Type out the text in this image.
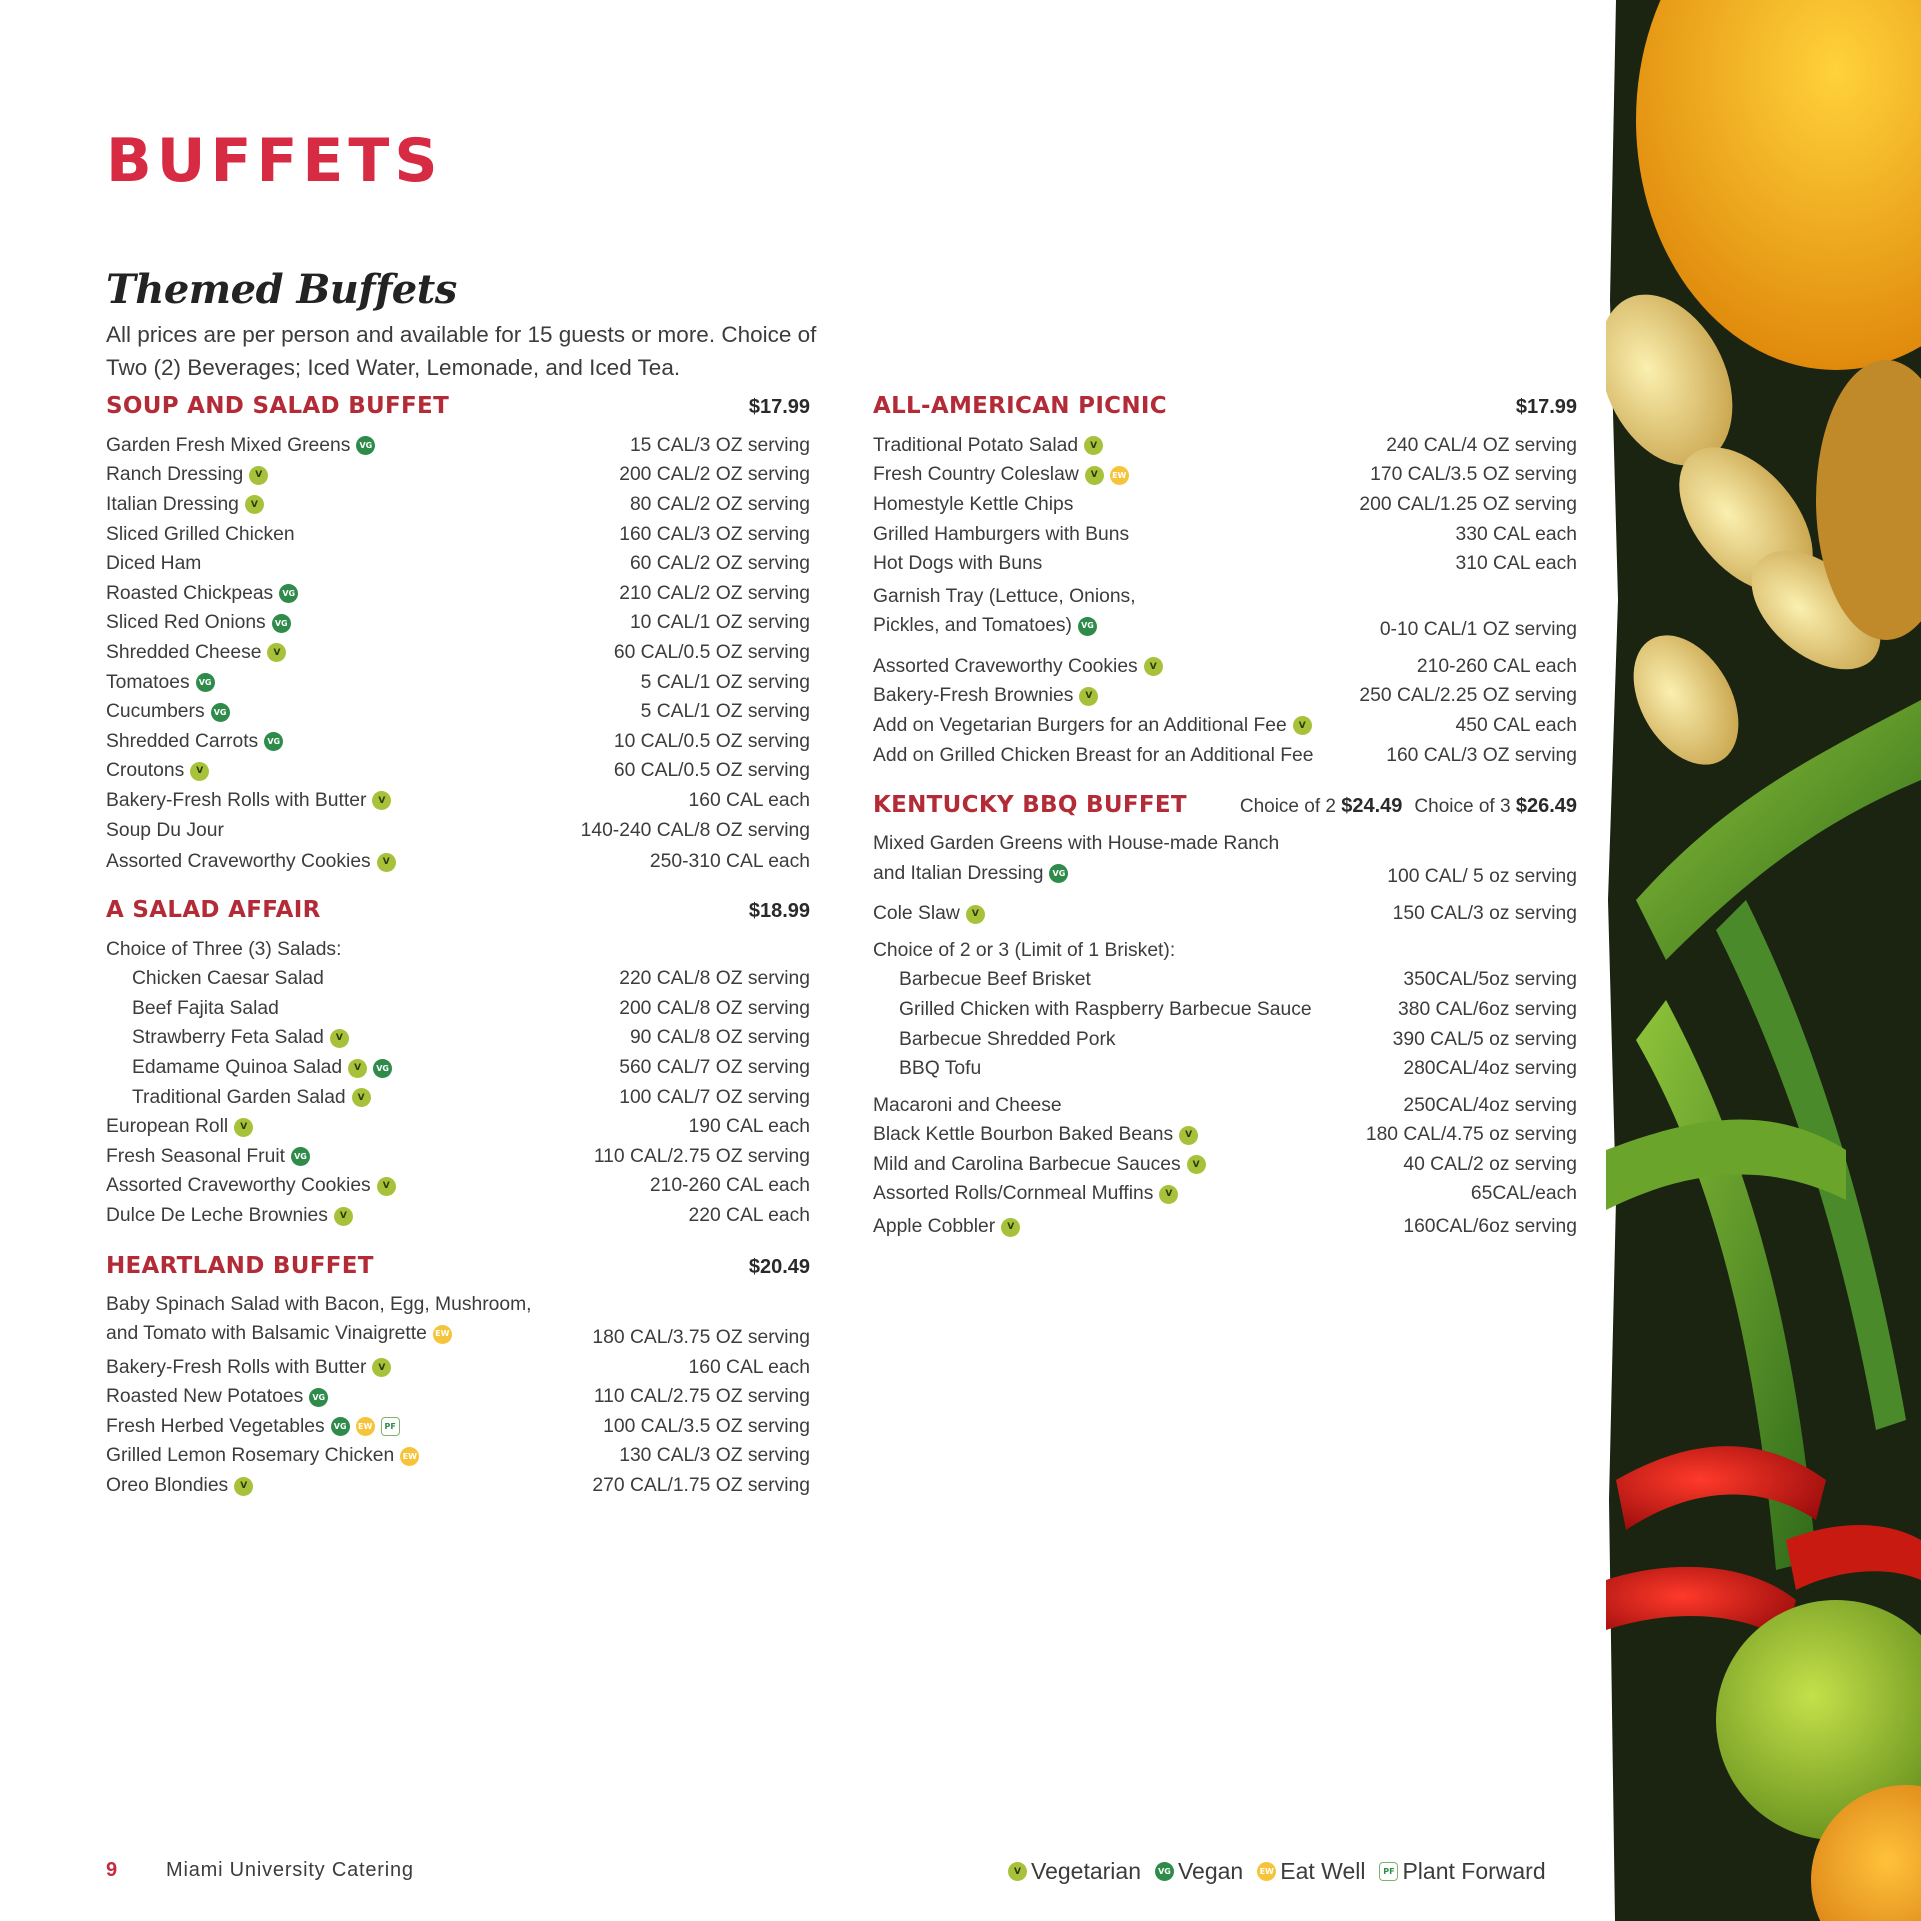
BUFFETS
Themed Buffets

All prices are per person and available for 15 guests or more. Choice of Two (2) Beverages; Iced Water, Lemonade, and Iced Tea.

SOUP AND SALAD BUFFET	$17.99
Garden Fresh Mixed Greens	VG	15 CAL/3 OZ serving
Ranch Dressing	V	200 CAL/2 OZ serving
Italian Dressing	V	80 CAL/2 OZ serving
Sliced Grilled Chicken	160 CAL/3 OZ serving
Diced Ham	60 CAL/2 OZ serving
Roasted Chickpeas	VG	210 CAL/2 OZ serving
Sliced Red Onions	VG	10 CAL/1 OZ serving
Shredded Cheese	V	60 CAL/0.5 OZ serving
Tomatoes	VG	5 CAL/1 OZ serving
Cucumbers	VG	5 CAL/1 OZ serving
Shredded Carrots	VG	10 CAL/0.5 OZ serving
Croutons	V	60 CAL/0.5 OZ serving
Bakery-Fresh Rolls with Butter	V	160 CAL each
Soup Du Jour	140-240 CAL/8 OZ serving
Assorted Craveworthy Cookies	V	250-310 CAL each
A SALAD AFFAIR	$18.99
Choice of Three (3) Salads:
Chicken Caesar Salad	220 CAL/8 OZ serving
Beef Fajita Salad	200 CAL/8 OZ serving
Strawberry Feta Salad	V	90 CAL/8 OZ serving
Edamame Quinoa Salad	V	VG	560 CAL/7 OZ serving
Traditional Garden Salad	V	100 CAL/7 OZ serving
European Roll	V	190 CAL each
Fresh Seasonal Fruit	VG	110 CAL/2.75 OZ serving
Assorted Craveworthy Cookies	V	210-260 CAL each
Dulce De Leche Brownies	V	220 CAL each
HEARTLAND BUFFET	$20.49
Baby Spinach Salad with Bacon, Egg, Mushroom,

and Tomato with Balsamic Vinaigrette EW	180 CAL/3.75 OZ serving
Bakery-Fresh Rolls with Butter	V	160 CAL each
Roasted New Potatoes	VG	110 CAL/2.75 OZ serving
Fresh Herbed Vegetables	VG	EW	PF	100 CAL/3.5 OZ serving
Grilled Lemon Rosemary Chicken EW	130 CAL/3 OZ serving
Oreo Blondies	V	270 CAL/1.75 OZ serving
ALL-AMERICAN PICNIC	$17.99
Traditional Potato Salad	V	240 CAL/4 OZ serving
Fresh Country Coleslaw	V	EW	170 CAL/3.5 OZ serving
Homestyle Kettle Chips	200 CAL/1.25 OZ serving
Grilled Hamburgers with Buns	330 CAL each
Hot Dogs with Buns	310 CAL each
Garnish Tray (Lettuce, Onions,

Pickles, and Tomatoes)	VG	0-10 CAL/1 OZ serving
Assorted Craveworthy Cookies	V	210-260 CAL each
Bakery-Fresh Brownies	V	250 CAL/2.25 OZ serving
Add on Vegetarian Burgers for an Additional Fee	V	450 CAL each
Add on Grilled Chicken Breast for an Additional Fee	160 CAL/3 OZ serving
KENTUCKY BBQ BUFFET	Choice of 2 $24.49 Choice of 3 $26.49
Mixed Garden Greens with House-made Ranch

and Italian Dressing	VG	100 CAL/ 5 oz serving
Cole Slaw	V	150 CAL/3 oz serving
Choice of 2 or 3 (Limit of 1 Brisket):
Barbecue Beef Brisket	350CAL/5oz serving
Grilled Chicken with Raspberry Barbecue Sauce	380 CAL/6oz serving
Barbecue Shredded Pork	390 CAL/5 oz serving
BBQ Tofu	280CAL/4oz serving
Macaroni and Cheese	250CAL/4oz serving
Black Kettle Bourbon Baked Beans	V	180 CAL/4.75 oz serving
Mild and Carolina Barbecue Sauces	V	40 CAL/2 oz serving
Assorted Rolls/Cornmeal Muffins	V	65CAL/each
Apple Cobbler	V	160CAL/6oz serving
9 Miami University Catering	V Vegetarian	VG Vegan EW Eat Well	PF Plant Forward
